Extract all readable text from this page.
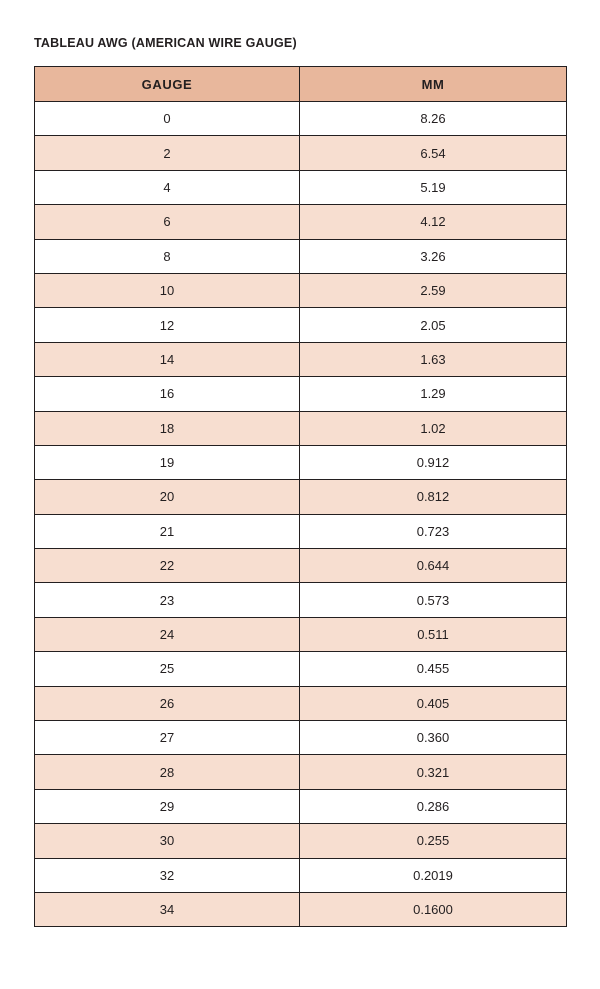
TABLEAU AWG (AMERICAN WIRE GAUGE)
GAUGE	MM
0	8.26
2	6.54
4	5.19
6	4.12
8	3.26
10	2.59
12	2.05
14	1.63
16	1.29
18	1.02
19	0.912
20	0.812
21	0.723
22	0.644
23	0.573
24	0.511
25	0.455
26	0.405
27	0.360
28	0.321
29	0.286
30	0.255
32	0.2019
34	0.1600
